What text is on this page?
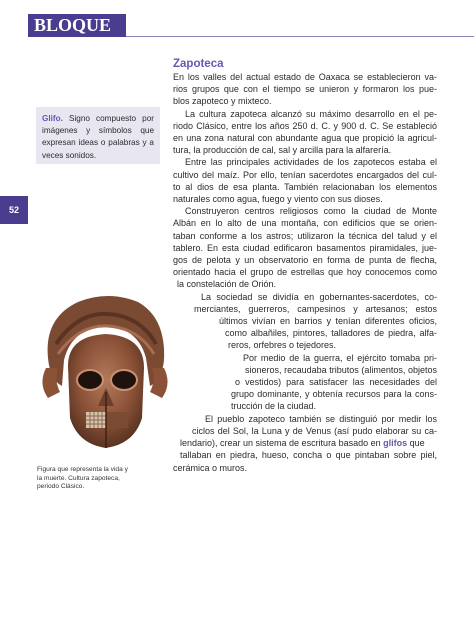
BLOQUE II
52
Glifo. Signo compuesto por imágenes y símbolos que expresan ideas o palabras y a veces sonidos.
Zapoteca
En los valles del actual estado de Oaxaca se establecieron va-
rios grupos que con el tiempo se unieron y formaron los pue-
blos zapoteco y mixteco.
La cultura zapoteca alcanzó su máximo desarrollo en el pe-
riodo Clásico, entre los años 250 d. C. y 900 d. C. Se estableció
en una zona natural con abundante agua que propició la agricul-
tura, la producción de cal, sal y arcilla para la alfarería.
Entre las principales actividades de los zapotecos estaba el
cultivo del maíz. Por ello, tenían sacerdotes encargados del cul-
to al dios de esa planta. También relacionaban los elementos
naturales como agua, fuego y viento con sus dioses.
Construyeron centros religiosos como la ciudad de Monte
Albán en lo alto de una montaña, con edificios que se orien-
taban conforme a los astros; utilizaron la técnica del talud y el
tablero. En esta ciudad edificaron basamentos piramidales, jue-
gos de pelota y un observatorio en forma de punta de flecha,
orientado hacia el grupo de estrellas que hoy conocemos como
la constelación de Orión.
La sociedad se dividía en gobernantes-sacerdotes, co-
merciantes, guerreros, campesinos y artesanos; estos
últimos vivían en barrios y tenían diferentes oficios,
como albañiles, pintores, talladores de piedra, alfa-
reros, orfebres o tejedores.
Por medio de la guerra, el ejército tomaba pri-
sioneros, recaudaba tributos (alimentos, objetos
o vestidos) para satisfacer las necesidades del
grupo dominante, y obtenía recursos para la cons-
trucción de la ciudad.
El pueblo zapoteco también se distinguió por medir los
ciclos del Sol, la Luna y de Venus (así pudo elaborar su ca-
lendario), crear un sistema de escritura basado en glifos que
tallaban en piedra, hueso, concha o que pintaban sobre piel,
cerámica o muros.
Figura que representa la vida y la muerte. Cultura zapoteca, periodo Clásico.
